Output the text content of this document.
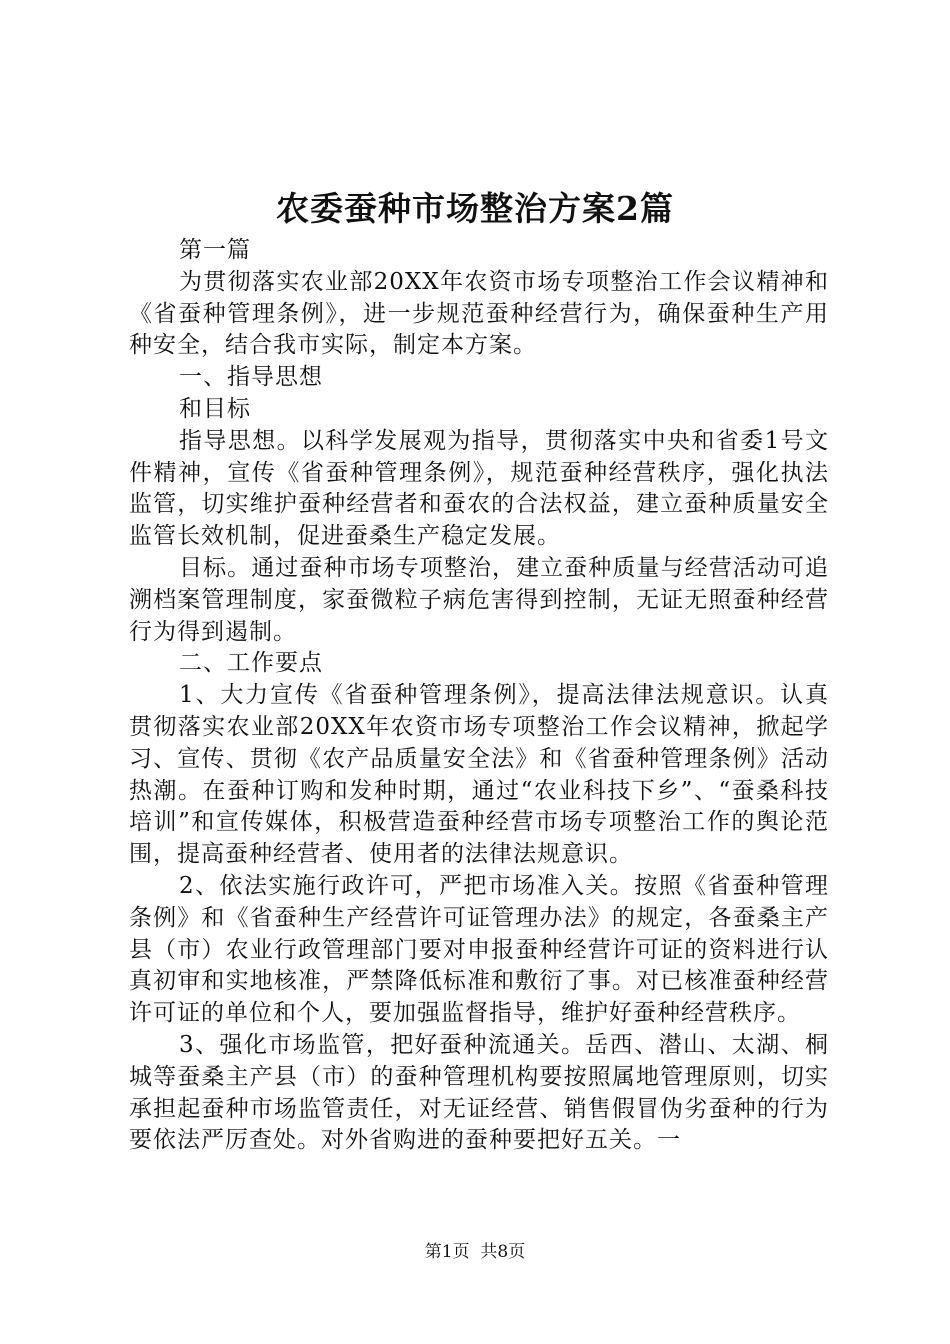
农委蚕种市场整治方案2篇

第一篇

为贯彻落实农业部20XX年农资市场专项整治工作会议精神和《省蚕种管理条例》，进一步规范蚕种经营行为，确保蚕种生产用种安全，结合我市实际，制定本方案。

一、指导思想

和目标

指导思想。以科学发展观为指导，贯彻落实中央和省委1号文件精神，宣传《省蚕种管理条例》，规范蚕种经营秩序，强化执法监管，切实维护蚕种经营者和蚕农的合法权益，建立蚕种质量安全监管长效机制，促进蚕桑生产稳定发展。

目标。通过蚕种市场专项整治，建立蚕种质量与经营活动可追溯档案管理制度，家蚕微粒子病危害得到控制，无证无照蚕种经营行为得到遏制。

二、工作要点

1、大力宣传《省蚕种管理条例》，提高法律法规意识。认真贯彻落实农业部20XX年农资市场专项整治工作会议精神，掀起学习、宣传、贯彻《农产品质量安全法》和《省蚕种管理条例》活动热潮。在蚕种订购和发种时期，通过“农业科技下乡”、“蚕桑科技培训”和宣传媒体，积极营造蚕种经营市场专项整治工作的舆论范围，提高蚕种经营者、使用者的法律法规意识。

2、依法实施行政许可，严把市场准入关。按照《省蚕种管理条例》和《省蚕种生产经营许可证管理办法》的规定，各蚕桑主产县（市）农业行政管理部门要对申报蚕种经营许可证的资料进行认真初审和实地核准，严禁降低标准和敷衍了事。对已核准蚕种经营许可证的单位和个人，要加强监督指导，维护好蚕种经营秩序。

3、强化市场监管，把好蚕种流通关。岳西、潜山、太湖、桐城等蚕桑主产县（市）的蚕种管理机构要按照属地管理原则，切实承担起蚕种市场监管责任，对无证经营、销售假冒伪劣蚕种的行为要依法严厉查处。对外省购进的蚕种要把好五关。一

第1页 共8页
